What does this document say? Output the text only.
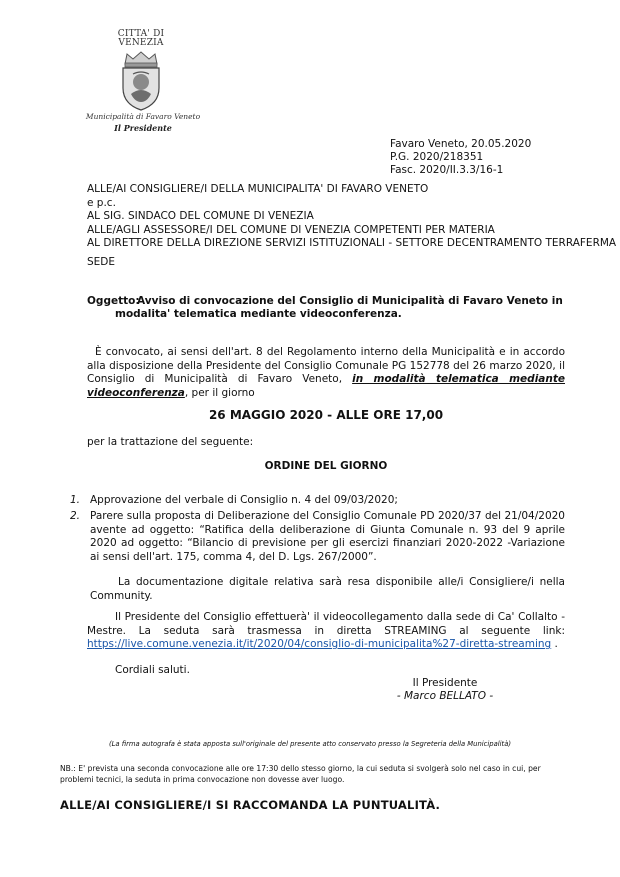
CITTA' DI
VENEZIA
Municipalità di Favaro Veneto
Il Presidente
Favaro Veneto, 20.05.2020
P.G. 2020/218351
Fasc. 2020/II.3.3/16-1
ALLE/AI CONSIGLIERE/I DELLA MUNICIPALITA' DI FAVARO VENETO
e p.c.
AL SIG. SINDACO DEL COMUNE DI VENEZIA
ALLE/AGLI ASSESSORE/I DEL COMUNE DI VENEZIA COMPETENTI PER MATERIA
AL DIRETTORE DELLA DIREZIONE SERVIZI ISTITUZIONALI - SETTORE DECENTRAMENTO TERRAFERMA
SEDE
Oggetto:
Avviso di convocazione del Consiglio di Municipalità di Favaro Veneto in modalita' telematica mediante videoconferenza.
È convocato, ai sensi dell'art. 8 del Regolamento interno della Municipalità e in accordo alla disposizione della Presidente del Consiglio Comunale PG 152778 del 26 marzo 2020, il Consiglio di Municipalità di Favaro Veneto, in modalità telematica mediante videoconferenza, per il giorno
26 MAGGIO 2020 - ALLE ORE 17,00
per la trattazione del seguente:
ORDINE DEL GIORNO
1. Approvazione del verbale di Consiglio n. 4 del 09/03/2020;
2. Parere sulla proposta di Deliberazione del Consiglio Comunale PD 2020/37 del 21/04/2020 avente ad oggetto: “Ratifica della deliberazione di Giunta Comunale n. 93 del 9 aprile 2020 ad oggetto: “Bilancio di previsione per gli esercizi finanziari 2020-2022 -Variazione ai sensi dell'art. 175, comma 4, del D. Lgs. 267/2000”.
La documentazione digitale relativa sarà resa disponibile alle/i Consigliere/i nella Community.
Il Presidente del Consiglio effettuerà' il videocollegamento dalla sede di Ca' Collalto - Mestre. La seduta sarà trasmessa in diretta STREAMING al seguente link: https://live.comune.venezia.it/it/2020/04/consiglio-di-municipalita%27-diretta-streaming .
Cordiali saluti.
Il Presidente
- Marco BELLATO -
(La firma autografa è stata apposta sull'originale del presente atto conservato presso la Segreteria della Municipalità)
NB.: E' prevista una seconda convocazione alle ore 17:30 dello stesso giorno, la cui seduta si svolgerà solo nel caso in cui, per problemi tecnici, la seduta in prima convocazione non dovesse aver luogo.
ALLE/AI CONSIGLIERE/I SI RACCOMANDA LA PUNTUALITÀ.
